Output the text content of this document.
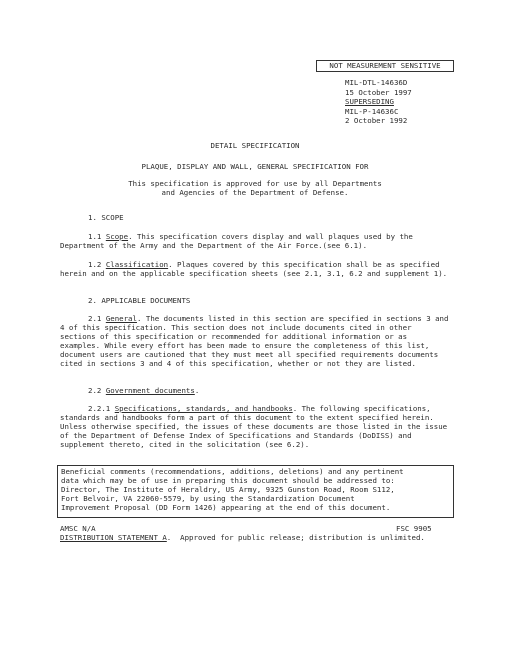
NOT MEASUREMENT SENSITIVE
MIL-DTL-14636D
15 October 1997
SUPERSEDING
MIL-P-14636C
2 October 1992
DETAIL SPECIFICATION
PLAQUE, DISPLAY AND WALL, GENERAL SPECIFICATION FOR
This specification is approved for use by all Departments
and Agencies of the Department of Defense.
1. SCOPE
1.1 Scope. This specification covers display and wall plaques used by the Department of the Army and the Department of the Air Force.(see 6.1).
1.2 Classification. Plaques covered by this specification shall be as specified herein and on the applicable specification sheets (see 2.1, 3.1, 6.2 and supplement 1).
2. APPLICABLE DOCUMENTS
2.1 General. The documents listed in this section are specified in sections 3 and 4 of this specification. This section does not include documents cited in other sections of this specification or recommended for additional information or as examples. While every effort has been made to ensure the completeness of this list, document users are cautioned that they must meet all specified requirements documents cited in sections 3 and 4 of this specification, whether or not they are listed.
2.2 Government documents.
2.2.1 Specifications, standards, and handbooks. The following specifications, standards and handbooks form a part of this document to the extent specified herein. Unless otherwise specified, the issues of these documents are those listed in the issue of the Department of Defense Index of Specifications and Standards (DoDISS) and supplement thereto, cited in the solicitation (see 6.2).
Beneficial comments (recommendations, additions, deletions) and any pertinent
data which may be of use in preparing this document should be addressed to:
Director, The Institute of Heraldry, US Army, 9325 Gunston Road, Room S112,
Fort Belvoir, VA 22060-5579, by using the Standardization Document
Improvement Proposal (DD Form 1426) appearing at the end of this document.
AMSC N/A	FSC 9905
DISTRIBUTION STATEMENT A.  Approved for public release; distribution is unlimited.
